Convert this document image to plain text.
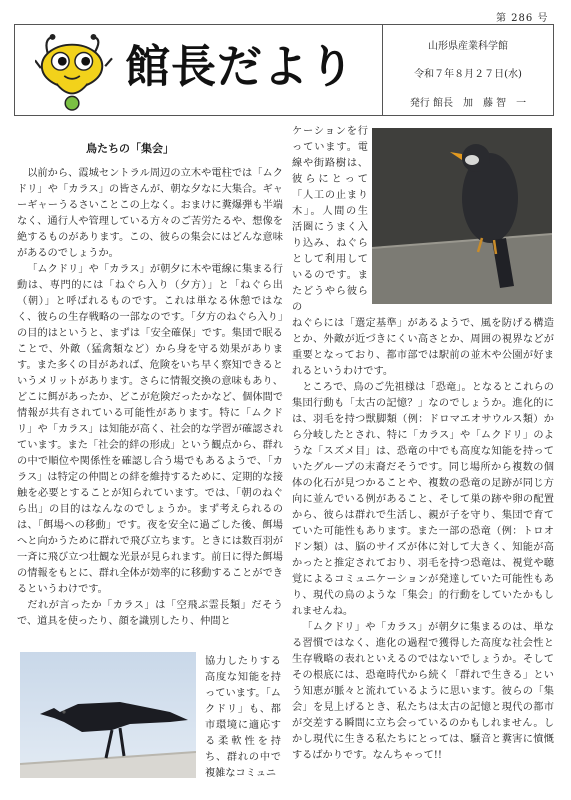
第 286 号
館長だより	山形県産業科学館
令和７年８月２７日(水)
発行 館長　加　藤 智　一
鳥たちの「集会」

以前から、霞城セントラル周辺の立木や電柱では「ムクドリ」や「カラス」の皆さんが、朝な夕なに大集合。ギャーギャーうるさいことこの上なく。おまけに糞爆弾も半端なく、通行人や管理している方々のご苦労たるや、想像を絶するものがあります。この、彼らの集会にはどんな意味があるのでしょうか。

「ムクドリ」や「カラス」が朝夕に木や電線に集まる行動は、専門的には「ねぐら入り（夕方）」と「ねぐら出（朝）」と呼ばれるものです。これは単なる休憩ではなく、彼らの生存戦略の一部なのです。「夕方のねぐら入り」の目的はというと、まずは「安全確保」です。集団で眠ることで、外敵（猛禽類など）から身を守る効果があります。また多くの目があれば、危険をいち早く察知できるというメリットがあります。さらに情報交換の意味もあり、どこに餌があったか、どこが危険だったかなど、個体間で情報が共有されている可能性があります。特に「ムクドリ」や「カラス」は知能が高く、社会的な学習が確認されています。また「社会的絆の形成」という観点から、群れの中で順位や関係性を確認し合う場でもあるようで、「カラス」は特定の仲間との絆を維持するために、定期的な接触を必要とすることが知られています。では、「朝のねぐら出」の目的はなんなのでしょうか。まず考えられるのは、「餌場への移動」です。夜を安全に過ごした後、餌場へと向かうために群れで飛び立ちます。ときには数百羽が一斉に飛び立つ壮観な光景が見られます。前日に得た餌場の情報をもとに、群れ全体が効率的に移動することができるというわけです。

だれが言ったか「カラス」は「空飛ぶ霊長類」だそうで、道具を使ったり、顔を識別したり、仲間と

協力したりする高度な知能を持っています。「ムクドリ」も、都市環境に適応する柔軟性を持ち、群れの中で複雑なコミュニ

ケーションを行っています。電線や街路樹は、彼らにとって「人工の止まり木」。人間の生活圏にうまく入り込み、ねぐらとして利用しているのです。またどうやら彼らの

ねぐらには「選定基準」があるようで、風を防げる構造とか、外敵が近づきにくい高さとか、周囲の視界などが重要となっており、都市部では駅前の並木や公園が好まれるというわけです。

ところで、鳥のご先祖様は「恐竜」。となるとこれらの集団行動も「太古の記憶？」なのでしょうか。進化的には、羽毛を持つ獣脚類（例：ドロマエオサウルス類）から分岐したとされ、特に「カラス」や「ムクドリ」のような「スズメ目」は、恐竜の中でも高度な知能を持っていたグループの末裔だそうです。同じ場所から複数の個体の化石が見つかることや、複数の恐竜の足跡が同じ方向に並んでいる例があること、そして巣の跡や卵の配置から、彼らは群れで生活し、親が子を守り、集団で育てていた可能性もあります。また一部の恐竜（例：トロオドン類）は、脳のサイズが体に対して大きく、知能が高かったと推定されており、羽毛を持つ恐竜は、視覚や聴覚によるコミュニケーションが発達していた可能性もあり、現代の鳥のような「集会」的行動をしていたかもしれませんね。

「ムクドリ」や「カラス」が朝夕に集まるのは、単なる習慣ではなく、進化の過程で獲得した高度な社会性と生存戦略の表れといえるのではないでしょうか。そしてその根底には、恐竜時代から続く「群れで生きる」という知恵が脈々と流れているように思います。彼らの「集会」を見上げるとき、私たちは太古の記憶と現代の都市が交差する瞬間に立ち会っているのかもしれません。しかし現代に生きる私たちにとっては、騒音と糞害に憤慨するばかりです。なんちゃって!!
